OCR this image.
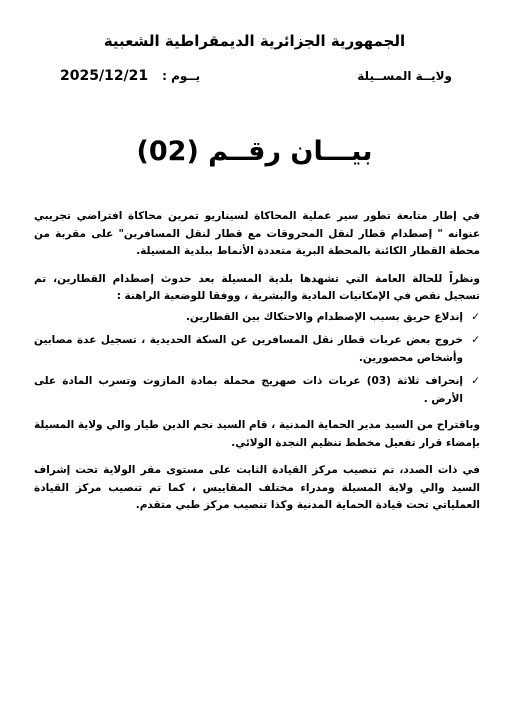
الجمهورية الجزائرية الديمقراطية الشعبية
ولايــة المســيلة
يــوم :
2025/12/21
بيـــان رقــم (02)

في إطار متابعة تطور سير عملية المحاكاة لسيناريو تمرين محاكاة افتراضي تجريبي عنوانه " إصطدام قطار لنقل المحروقات مع قطار لنقل المسافرين" على مقربة من محطة القطار الكائنة بالمحطة البرية متعددة الأنماط ببلدية المسيلة.

ونظراً للحالة العامة التي تشهدها بلدية المسيلة بعد حدوث إصطدام القطارين، تم تسجيل نقص في الإمكانيات المادية والبشرية ، ووفقا للوضعية الراهنة :

✓
إندلاع حريق بسبب الإصطدام والاحتكاك بين القطارين.
✓
خروج بعض عربات قطار نقل المسافرين عن السكة الحديدية ، تسجيل عدة مصابين وأشخاص محصورين.
✓
إنحراف ثلاثة (03) عربات ذات صهريج محملة بمادة المازوت وتسرب المادة على الأرض .

وباقتراح من السيد مدير الحماية المدنية ، قام السيد نجم الدين طيار والي ولاية المسيلة بإمضاء قرار تفعيل مخطط تنظيم النجدة الولائي.

في ذات الصدد، تم تنصيب مركز القيادة الثابت على مستوى مقر الولاية تحت إشراف السيد والي ولاية المسيلة ومدراء مختلف المقاييس ، كما تم تنصيب مركز القيادة العملياتي تحت قيادة الحماية المدنية وكذا تنصيب مركز طبي متقدم.
